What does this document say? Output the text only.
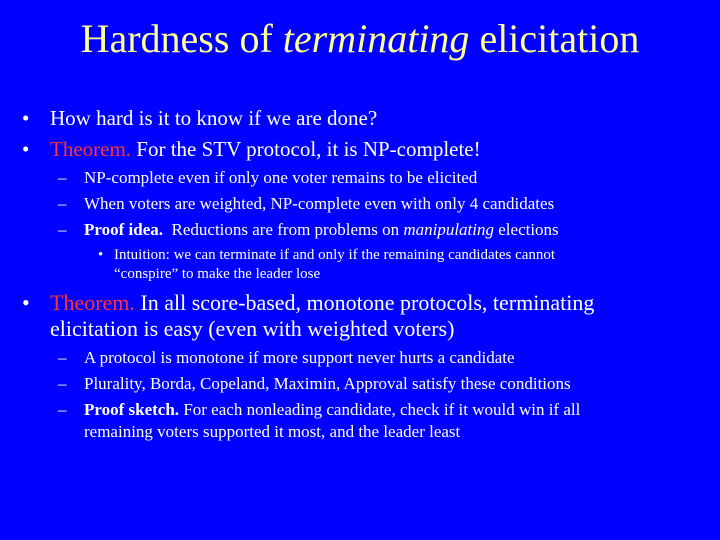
Hardness of terminating elicitation
• How hard is it to know if we are done?
• Theorem. For the STV protocol, it is NP-complete!
– NP-complete even if only one voter remains to be elicited
– When voters are weighted, NP-complete even with only 4 candidates
– Proof idea.  Reductions are from problems on manipulating elections
• Intuition: we can terminate if and only if the remaining candidates cannot
“conspire” to make the leader lose
• Theorem. In all score-based, monotone protocols, terminating
elicitation is easy (even with weighted voters)
– A protocol is monotone if more support never hurts a candidate
– Plurality, Borda, Copeland, Maximin, Approval satisfy these conditions
– Proof sketch. For each nonleading candidate, check if it would win if all
remaining voters supported it most, and the leader least
